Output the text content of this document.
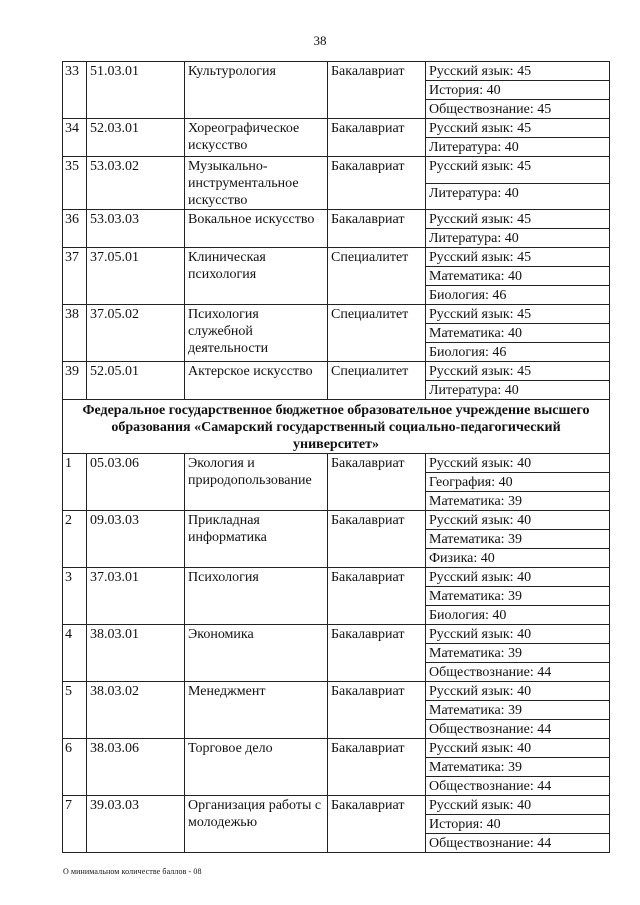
38
33	51.03.01	Культурология	Бакалавриат	Русский язык: 45
				История: 40
				Обществознание: 45
34	52.03.01	Хореографическое искусство	Бакалавриат	Русский язык: 45
				Литература: 40
35	53.03.02	Музыкально-инструментальное искусство	Бакалавриат	Русский язык: 45
				Литература: 40
36	53.03.03	Вокальное искусство	Бакалавриат	Русский язык: 45
				Литература: 40
37	37.05.01	Клиническая психология	Специалитет	Русский язык: 45
				Математика: 40
				Биология: 46
38	37.05.02	Психология служебной деятельности	Специалитет	Русский язык: 45
				Математика: 40
				Биология: 46
39	52.05.01	Актерское искусство	Специалитет	Русский язык: 45
				Литература: 40
Федеральное государственное бюджетное образовательное учреждение высшего образования «Самарский государственный социально-педагогический университет»				
1	05.03.06	Экология и природопользование	Бакалавриат	Русский язык: 40
				География: 40
				Математика: 39
2	09.03.03	Прикладная информатика	Бакалавриат	Русский язык: 40
				Математика: 39
				Физика: 40
3	37.03.01	Психология	Бакалавриат	Русский язык: 40
				Математика: 39
				Биология: 40
4	38.03.01	Экономика	Бакалавриат	Русский язык: 40
				Математика: 39
				Обществознание: 44
5	38.03.02	Менеджмент	Бакалавриат	Русский язык: 40
				Математика: 39
				Обществознание: 44
6	38.03.06	Торговое дело	Бакалавриат	Русский язык: 40
				Математика: 39
				Обществознание: 44
7	39.03.03	Организация работы с молодежью	Бакалавриат	Русский язык: 40
				История: 40
				Обществознание: 44
О минимальном количестве баллов - 08
